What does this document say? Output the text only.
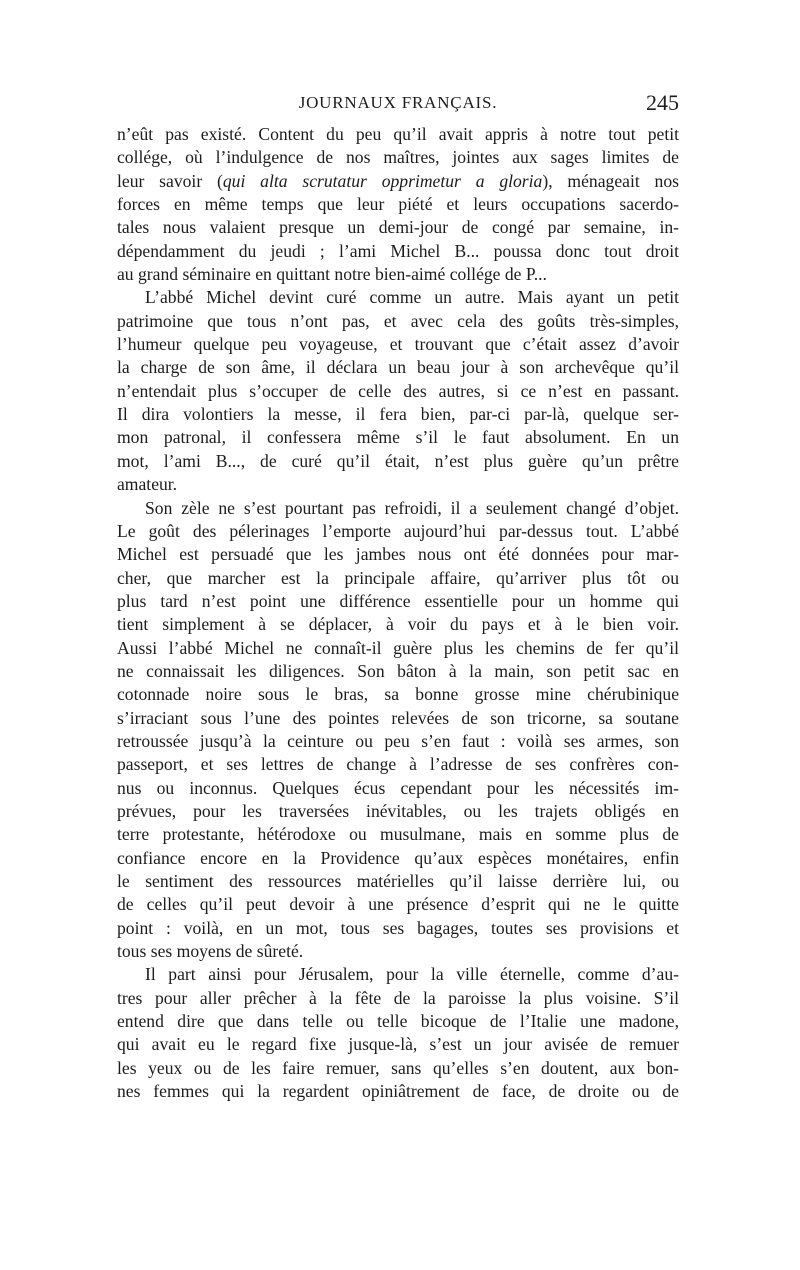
JOURNAUX FRANÇAIS.	245
n’eût pas existé. Content du peu qu’il avait appris à notre tout petit
collége, où l’indulgence de nos maîtres, jointes aux sages limites de
leur savoir (qui alta scrutatur opprimetur a gloria), ménageait nos
forces en même temps que leur piété et leurs occupations sacerdo-
tales nous valaient presque un demi-jour de congé par semaine, in-
dépendamment du jeudi ; l’ami Michel B... poussa donc tout droit
au grand séminaire en quittant notre bien-aimé collége de P...
L’abbé Michel devint curé comme un autre. Mais ayant un petit
patrimoine que tous n’ont pas, et avec cela des goûts très-simples,
l’humeur quelque peu voyageuse, et trouvant que c’était assez d’avoir
la charge de son âme, il déclara un beau jour à son archevêque qu’il
n’entendait plus s’occuper de celle des autres, si ce n’est en passant.
Il dira volontiers la messe, il fera bien, par-ci par-là, quelque ser-
mon patronal, il confessera même s’il le faut absolument. En un
mot, l’ami B..., de curé qu’il était, n’est plus guère qu’un prêtre
amateur.
Son zèle ne s’est pourtant pas refroidi, il a seulement changé d’objet.
Le goût des pélerinages l’emporte aujourd’hui par-dessus tout. L’abbé
Michel est persuadé que les jambes nous ont été données pour mar-
cher, que marcher est la principale affaire, qu’arriver plus tôt ou
plus tard n’est point une différence essentielle pour un homme qui
tient simplement à se déplacer, à voir du pays et à le bien voir.
Aussi l’abbé Michel ne connaît-il guère plus les chemins de fer qu’il
ne connaissait les diligences. Son bâton à la main, son petit sac en
cotonnade noire sous le bras, sa bonne grosse mine chérubinique
s’irraciant sous l’une des pointes relevées de son tricorne, sa soutane
retroussée jusqu’à la ceinture ou peu s’en faut : voilà ses armes, son
passeport, et ses lettres de change à l’adresse de ses confrères con-
nus ou inconnus. Quelques écus cependant pour les nécessités im-
prévues, pour les traversées inévitables, ou les trajets obligés en
terre protestante, hétérodoxe ou musulmane, mais en somme plus de
confiance encore en la Providence qu’aux espèces monétaires, enfin
le sentiment des ressources matérielles qu’il laisse derrière lui, ou
de celles qu’il peut devoir à une présence d’esprit qui ne le quitte
point : voilà, en un mot, tous ses bagages, toutes ses provisions et
tous ses moyens de sûreté.
Il part ainsi pour Jérusalem, pour la ville éternelle, comme d’au-
tres pour aller prêcher à la fête de la paroisse la plus voisine. S’il
entend dire que dans telle ou telle bicoque de l’Italie une madone,
qui avait eu le regard fixe jusque-là, s’est un jour avisée de remuer
les yeux ou de les faire remuer, sans qu’elles s’en doutent, aux bon-
nes femmes qui la regardent opiniâtrement de face, de droite ou de
